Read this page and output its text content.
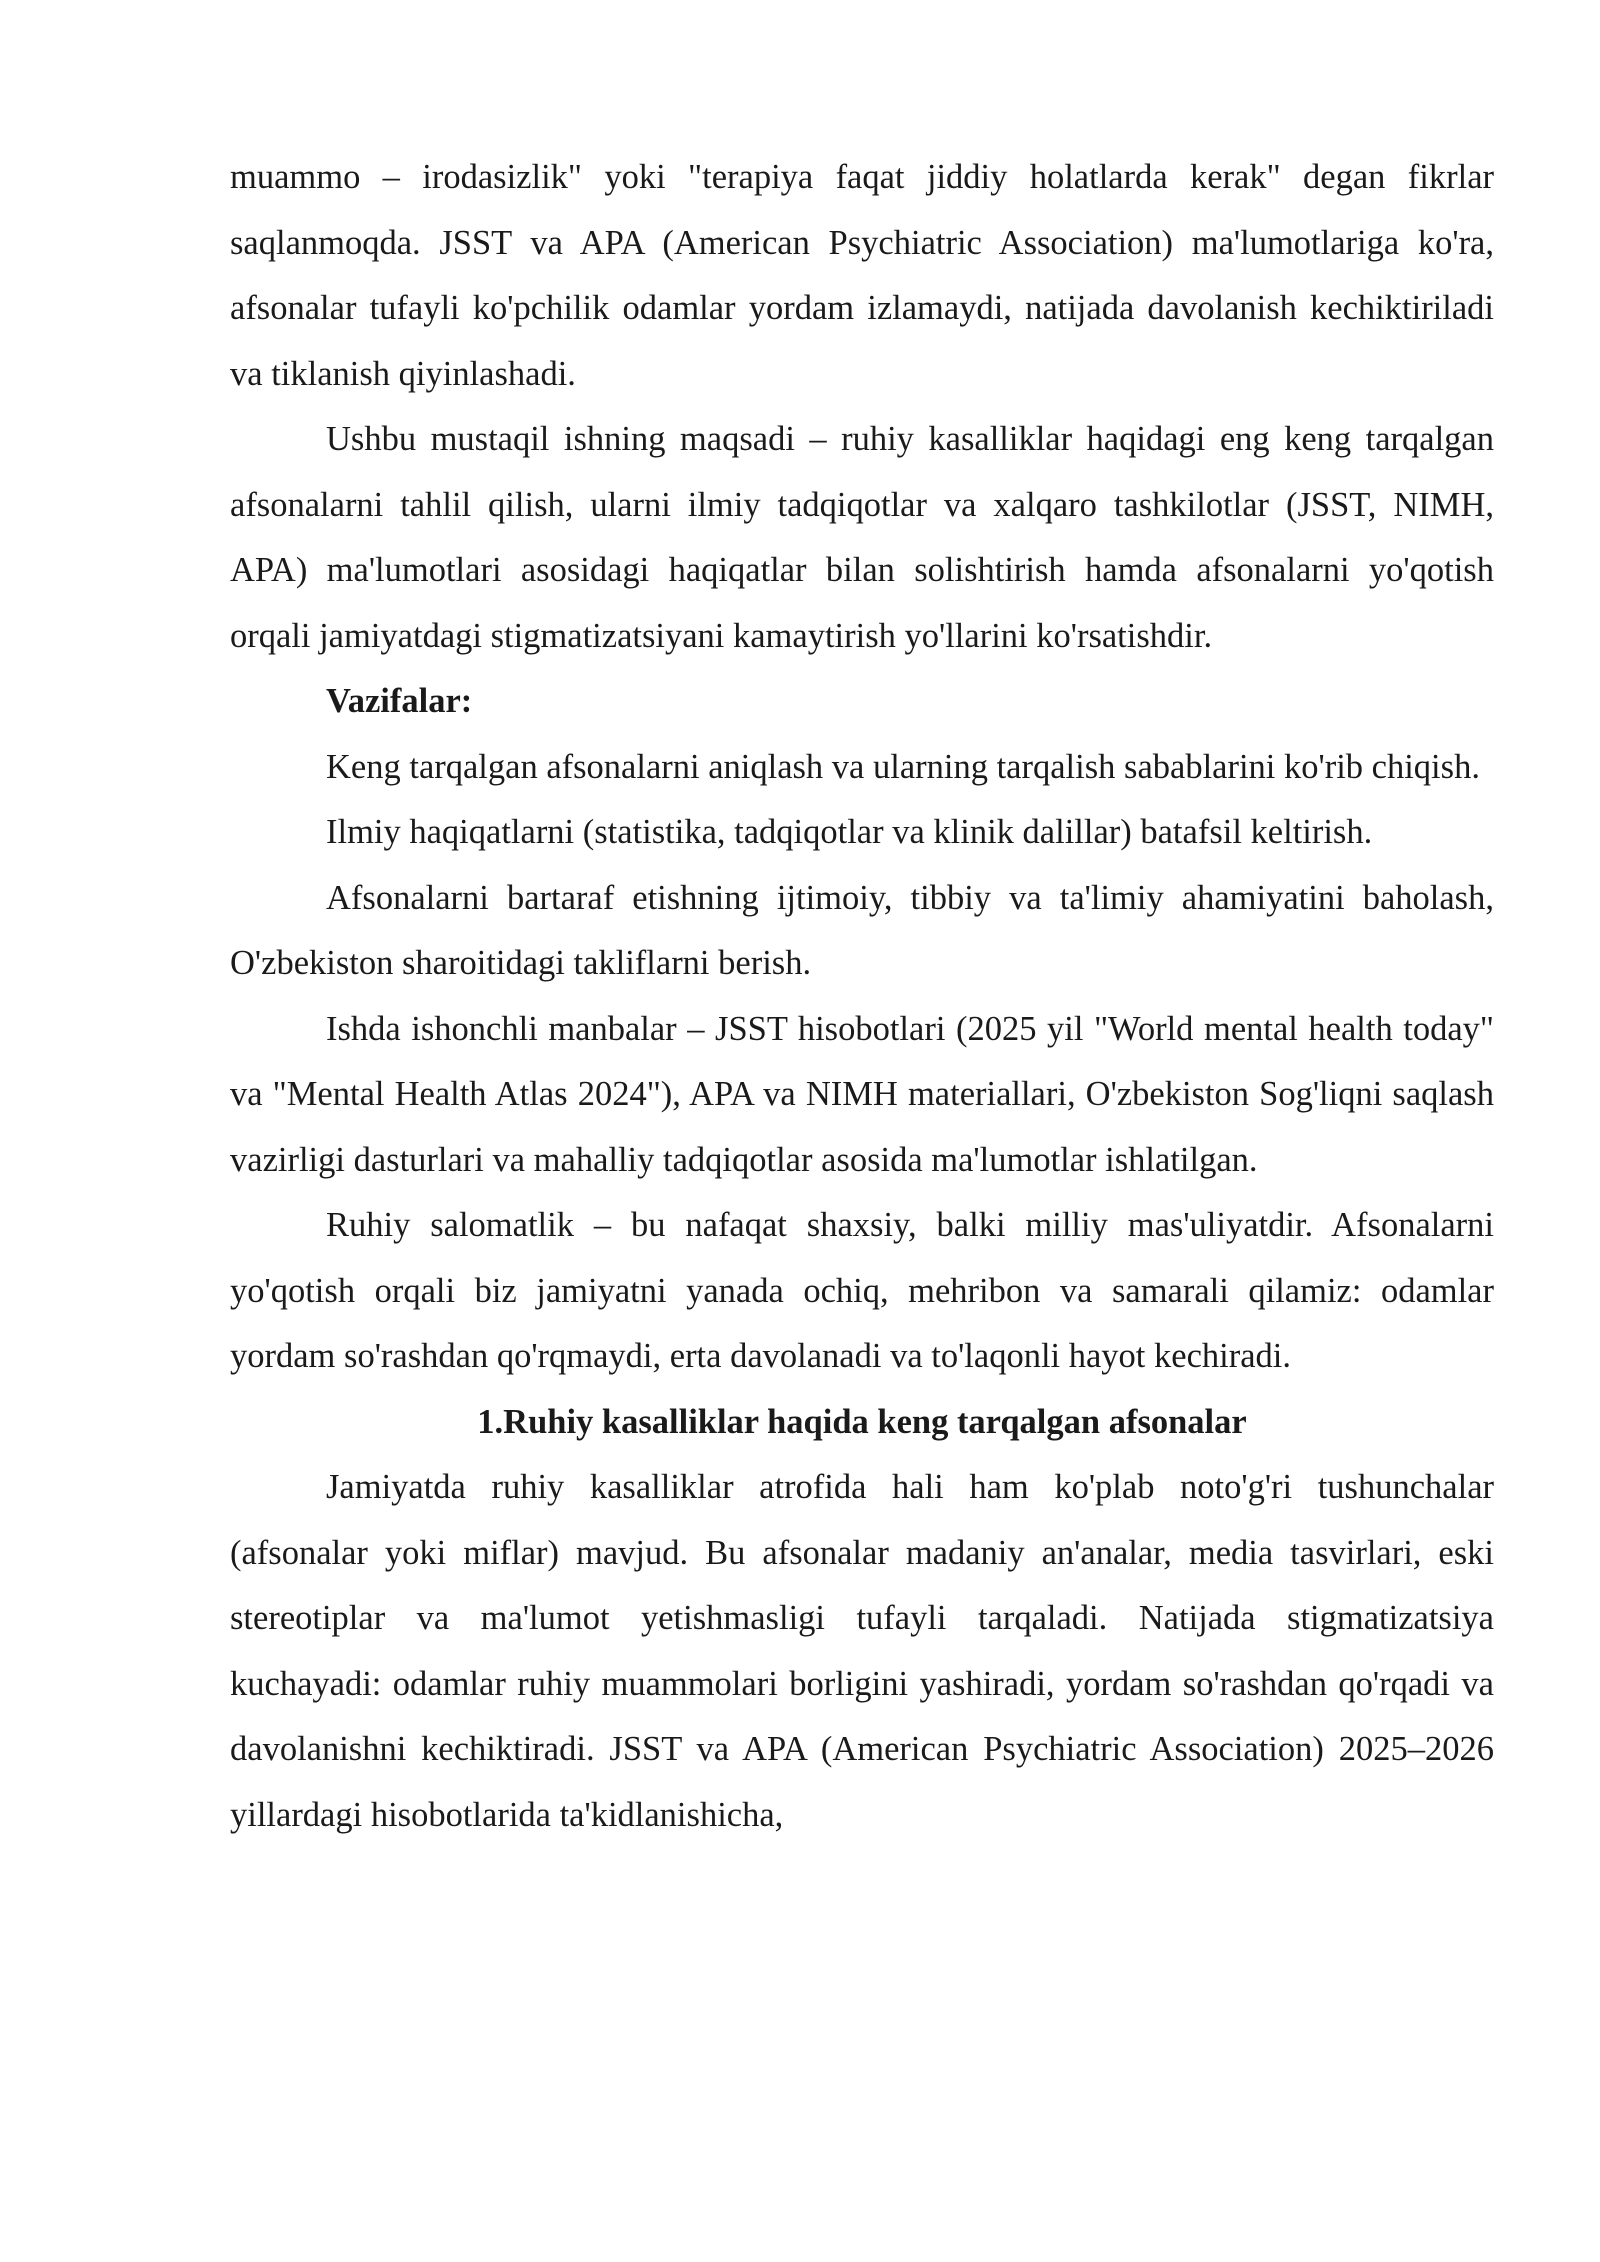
muammo – irodasizlik" yoki "terapiya faqat jiddiy holatlarda kerak" degan fikrlar saqlanmoqda. JSST va APA (American Psychiatric Association) ma'lumotlariga ko'ra, afsonalar tufayli ko'pchilik odamlar yordam izlamaydi, natijada davolanish kechiktiriladi va tiklanish qiyinlashadi.

Ushbu mustaqil ishning maqsadi – ruhiy kasalliklar haqidagi eng keng tarqalgan afsonalarni tahlil qilish, ularni ilmiy tadqiqotlar va xalqaro tashkilotlar (JSST, NIMH, APA) ma'lumotlari asosidagi haqiqatlar bilan solishtirish hamda afsonalarni yo'qotish orqali jamiyatdagi stigmatizatsiyani kamaytirish yo'llarini ko'rsatishdir.

Vazifalar:

Keng tarqalgan afsonalarni aniqlash va ularning tarqalish sabablarini ko'rib chiqish.

Ilmiy haqiqatlarni (statistika, tadqiqotlar va klinik dalillar) batafsil keltirish.

Afsonalarni bartaraf etishning ijtimoiy, tibbiy va ta'limiy ahamiyatini baholash, O'zbekiston sharoitidagi takliflarni berish.

Ishda ishonchli manbalar – JSST hisobotlari (2025 yil "World mental health today" va "Mental Health Atlas 2024"), APA va NIMH materiallari, O'zbekiston Sog'liqni saqlash vazirligi dasturlari va mahalliy tadqiqotlar asosida ma'lumotlar ishlatilgan.

Ruhiy salomatlik – bu nafaqat shaxsiy, balki milliy mas'uliyatdir. Afsonalarni yo'qotish orqali biz jamiyatni yanada ochiq, mehribon va samarali qilamiz: odamlar yordam so'rashdan qo'rqmaydi, erta davolanadi va to'laqonli hayot kechiradi.

1.Ruhiy kasalliklar haqida keng tarqalgan afsonalar

Jamiyatda ruhiy kasalliklar atrofida hali ham ko'plab noto'g'ri tushunchalar (afsonalar yoki miflar) mavjud. Bu afsonalar madaniy an'analar, media tasvirlari, eski stereotiplar va ma'lumot yetishmasligi tufayli tarqaladi. Natijada stigmatizatsiya kuchayadi: odamlar ruhiy muammolari borligini yashiradi, yordam so'rashdan qo'rqadi va davolanishni kechiktiradi. JSST va APA (American Psychiatric Association) 2025–2026 yillardagi hisobotlarida ta'kidlanishicha,
